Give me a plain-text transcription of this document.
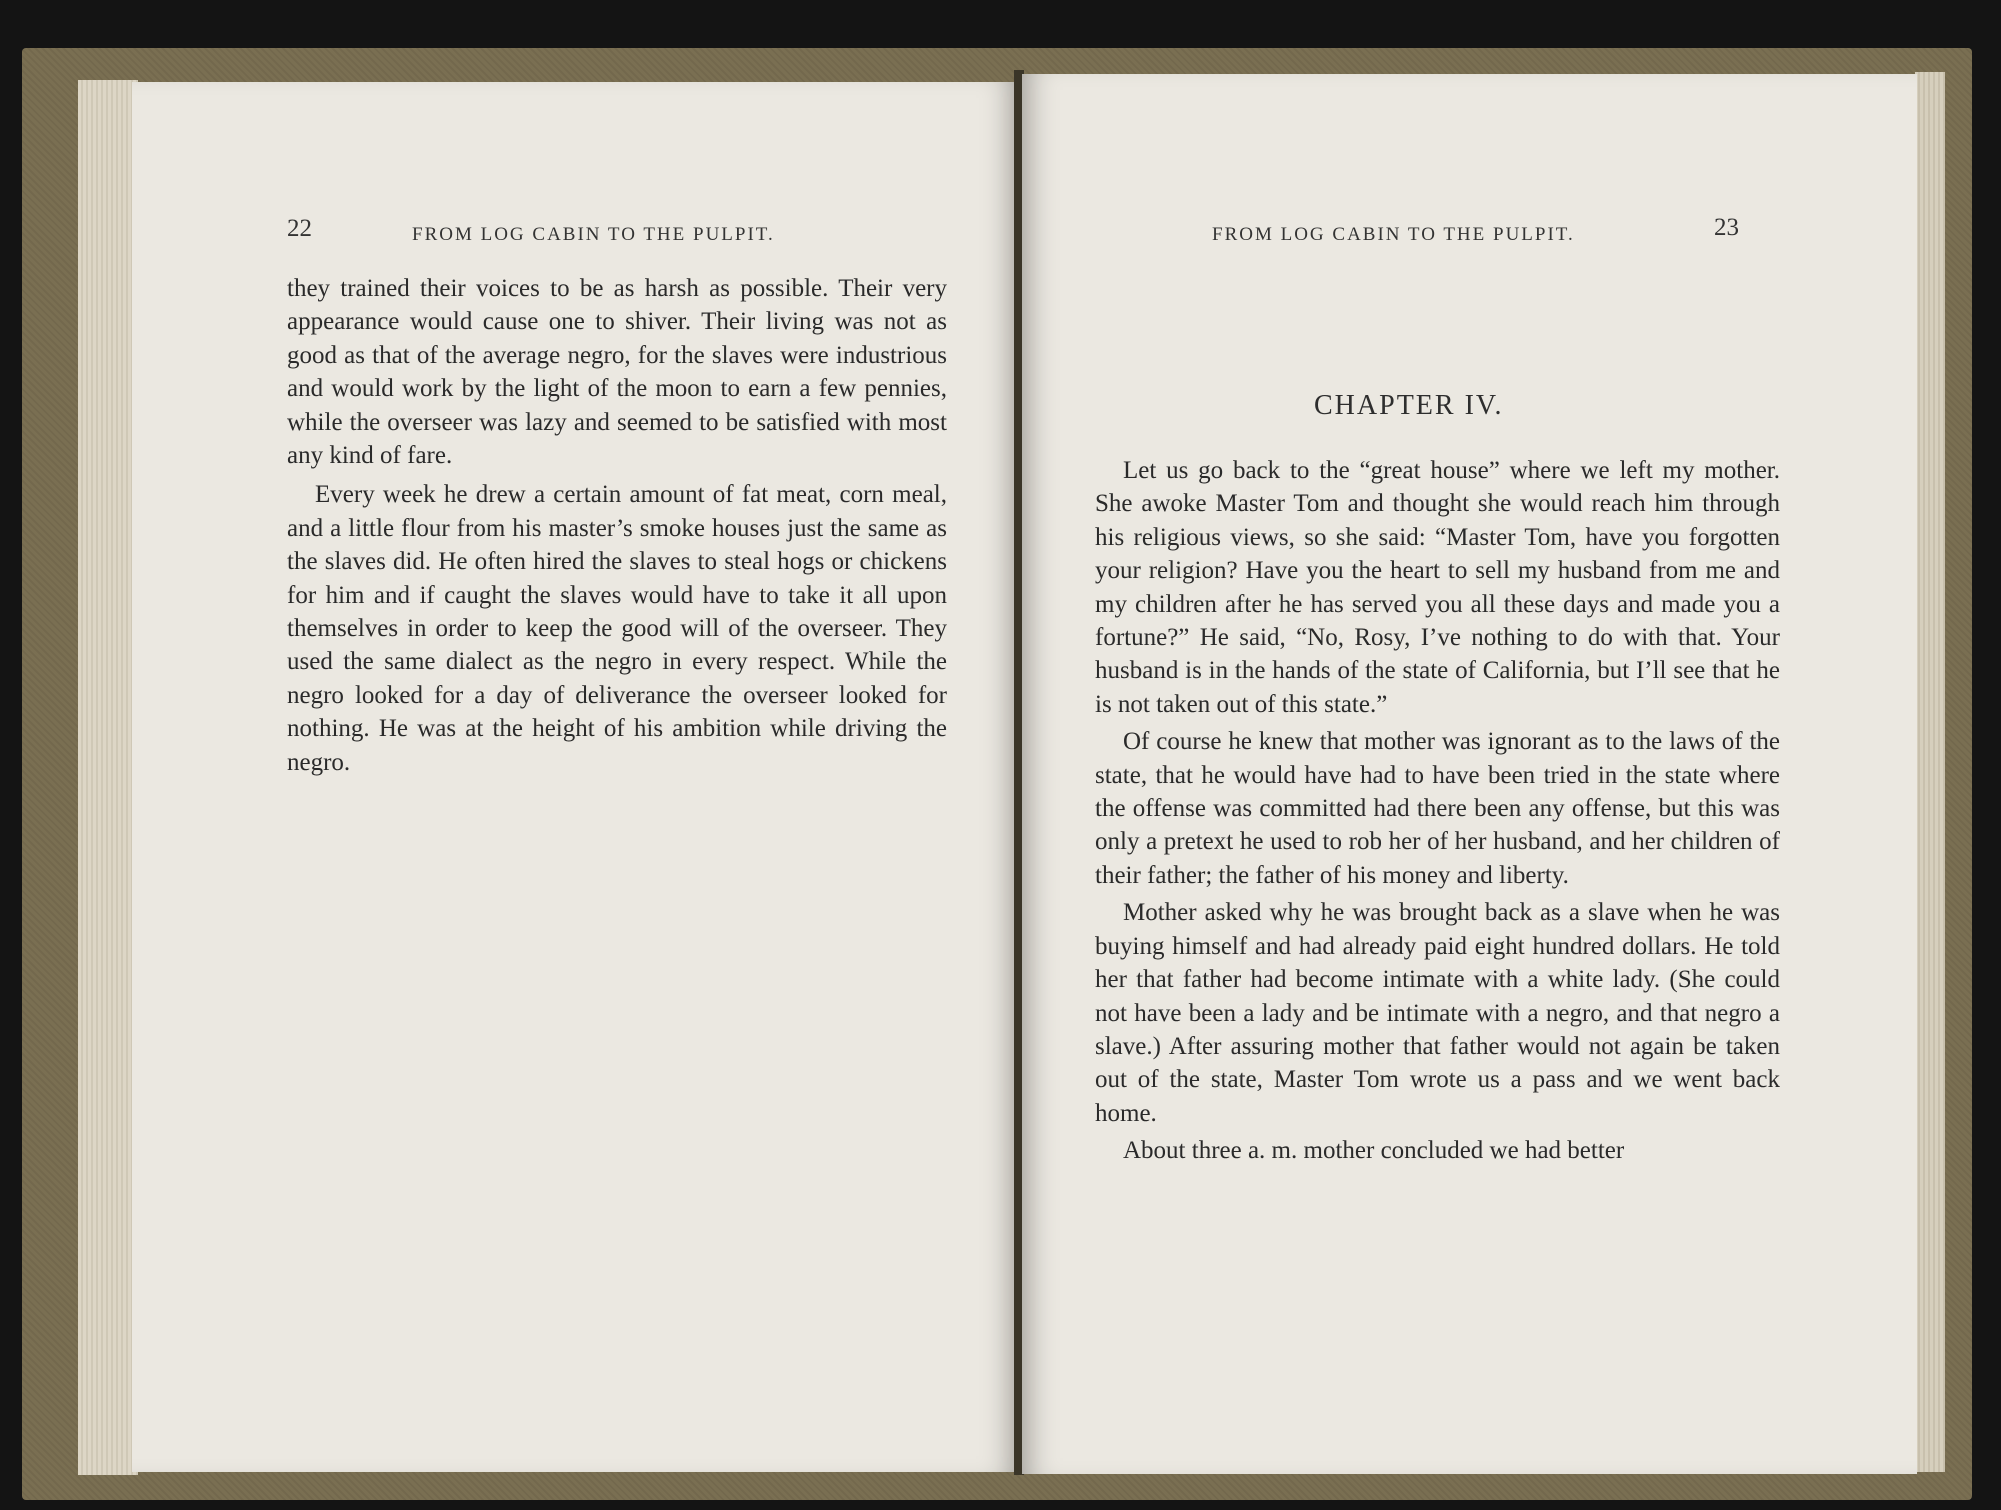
22	FROM LOG CABIN TO THE PULPIT.

they trained their voices to be as harsh as possible. Their very appearance would cause one to shiver. Their living was not as good as that of the average negro, for the slaves were industrious and would work by the light of the moon to earn a few pennies, while the overseer was lazy and seemed to be satisfied with most any kind of fare.

Every week he drew a certain amount of fat meat, corn meal, and a little flour from his master’s smoke houses just the same as the slaves did. He often hired the slaves to steal hogs or chickens for him and if caught the slaves would have to take it all upon themselves in order to keep the good will of the overseer. They used the same dialect as the negro in every respect. While the negro looked for a day of deliverance the overseer looked for nothing. He was at the height of his ambition while driving the negro.

FROM LOG CABIN TO THE PULPIT.	23
CHAPTER IV.

Let us go back to the “great house” where we left my mother. She awoke Master Tom and thought she would reach him through his religious views, so she said: “Master Tom, have you forgotten your religion? Have you the heart to sell my husband from me and my children after he has served you all these days and made you a fortune?” He said, “No, Rosy, I’ve nothing to do with that. Your husband is in the hands of the state of California, but I’ll see that he is not taken out of this state.”

Of course he knew that mother was ignorant as to the laws of the state, that he would have had to have been tried in the state where the offense was committed had there been any offense, but this was only a pretext he used to rob her of her husband, and her children of their father; the father of his money and liberty.

Mother asked why he was brought back as a slave when he was buying himself and had already paid eight hundred dollars. He told her that father had become intimate with a white lady. (She could not have been a lady and be intimate with a negro, and that negro a slave.) After assuring mother that father would not again be taken out of the state, Master Tom wrote us a pass and we went back home.

About three a. m. mother concluded we had better
